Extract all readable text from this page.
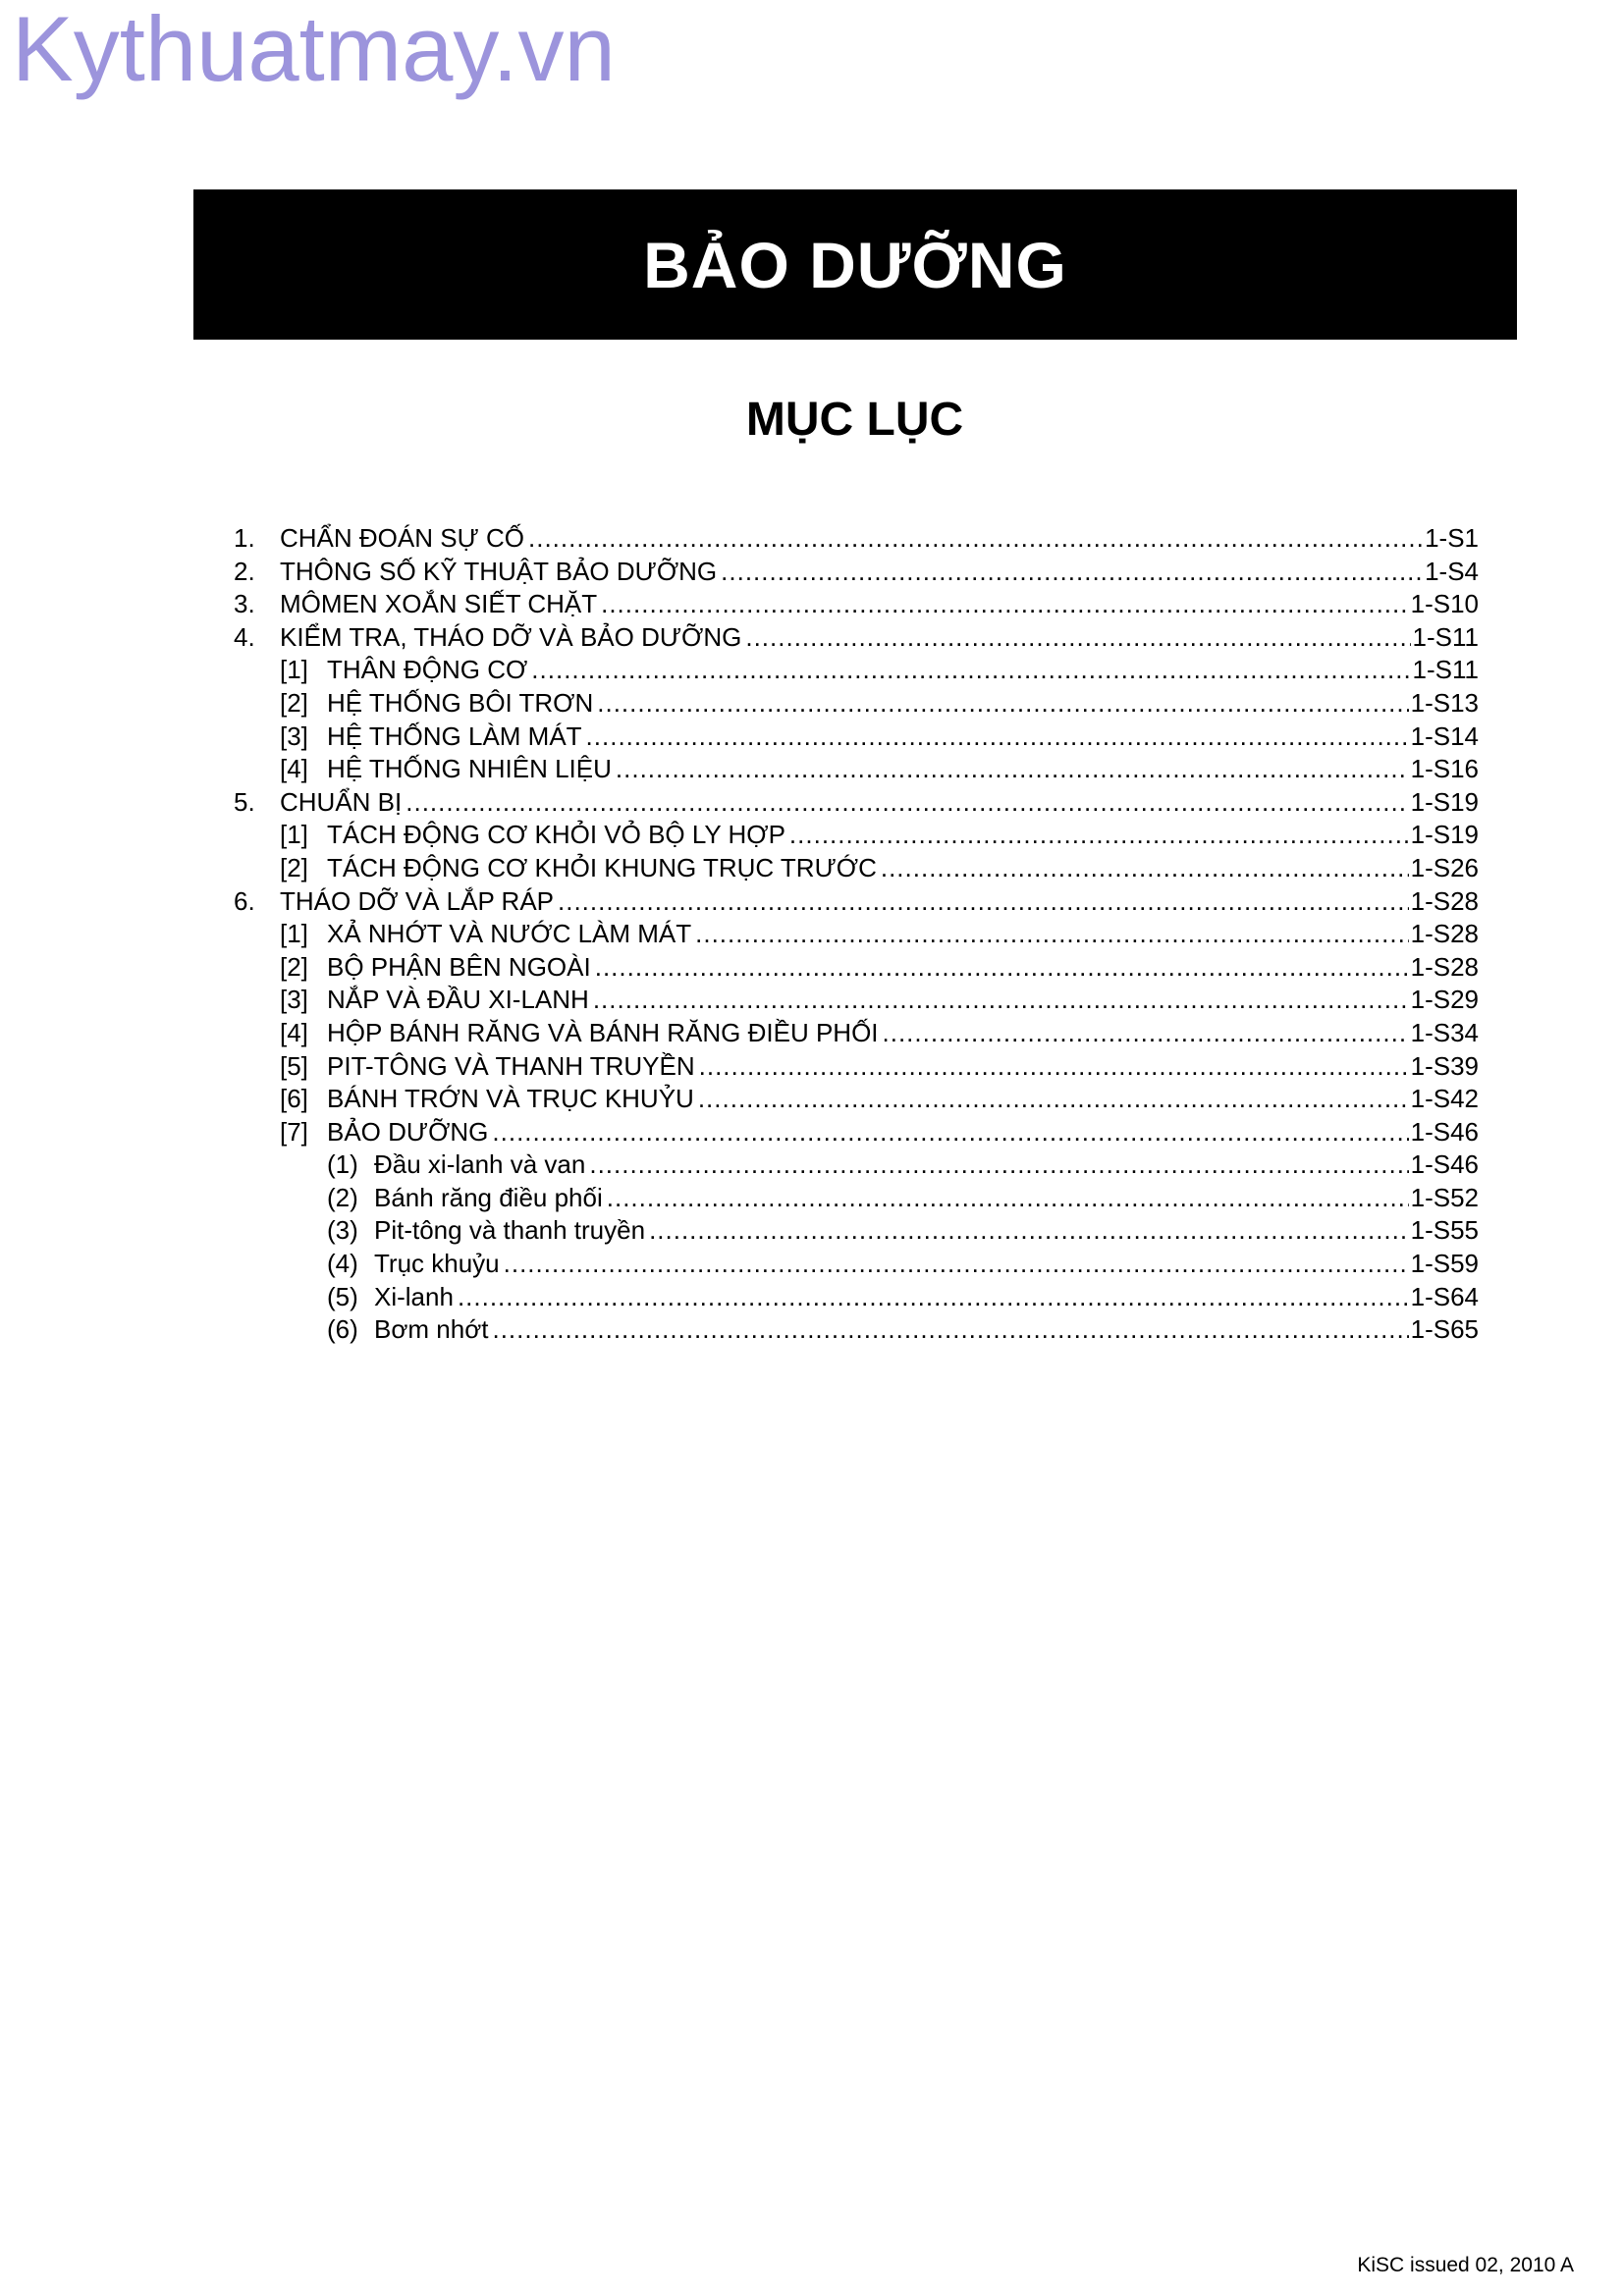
Kythuatmay.vn
BẢO DƯỠNG
MỤC LỤC
1. CHẨN ĐOÁN SỰ CỐ .....	1-S1
2. THÔNG SỐ KỸ THUẬT BẢO DƯỠNG .....	1-S4
3. MÔMEN XOẮN SIẾT CHẶT .....	1-S10
4. KIỂM TRA, THÁO DỠ VÀ BẢO DƯỠNG .....	1-S11
[1] THÂN ĐỘNG CƠ .....	1-S11
[2] HỆ THỐNG BÔI TRƠN .....	1-S13
[3] HỆ THỐNG LÀM MÁT .....	1-S14
[4] HỆ THỐNG NHIÊN LIỆU .....	1-S16
5. CHUẨN BỊ .....	1-S19
[1] TÁCH ĐỘNG CƠ KHỎI VỎ BỘ LY HỢP .....	1-S19
[2] TÁCH ĐỘNG CƠ KHỎI KHUNG TRỤC TRƯỚC .....	1-S26
6. THÁO DỠ VÀ LẮP RÁP .....	1-S28
[1] XẢ NHỚT VÀ NƯỚC LÀM MÁT .....	1-S28
[2] BỘ PHẬN BÊN NGOÀI .....	1-S28
[3] NẮP VÀ ĐẦU XI-LANH .....	1-S29
[4] HỘP BÁNH RĂNG VÀ BÁNH RĂNG ĐIỀU PHỐI .....	1-S34
[5] PIT-TÔNG VÀ THANH TRUYỀN .....	1-S39
[6] BÁNH TRỚN VÀ TRỤC KHUỶU .....	1-S42
[7] BẢO DƯỠNG .....	1-S46
(1) Đầu xi-lanh và van .....	1-S46
(2) Bánh răng điều phối .....	1-S52
(3) Pit-tông và thanh truyền .....	1-S55
(4) Trục khuỷu .....	1-S59
(5) Xi-lanh .....	1-S64
(6) Bơm nhớt .....	1-S65
KiSC issued 02, 2010 A
